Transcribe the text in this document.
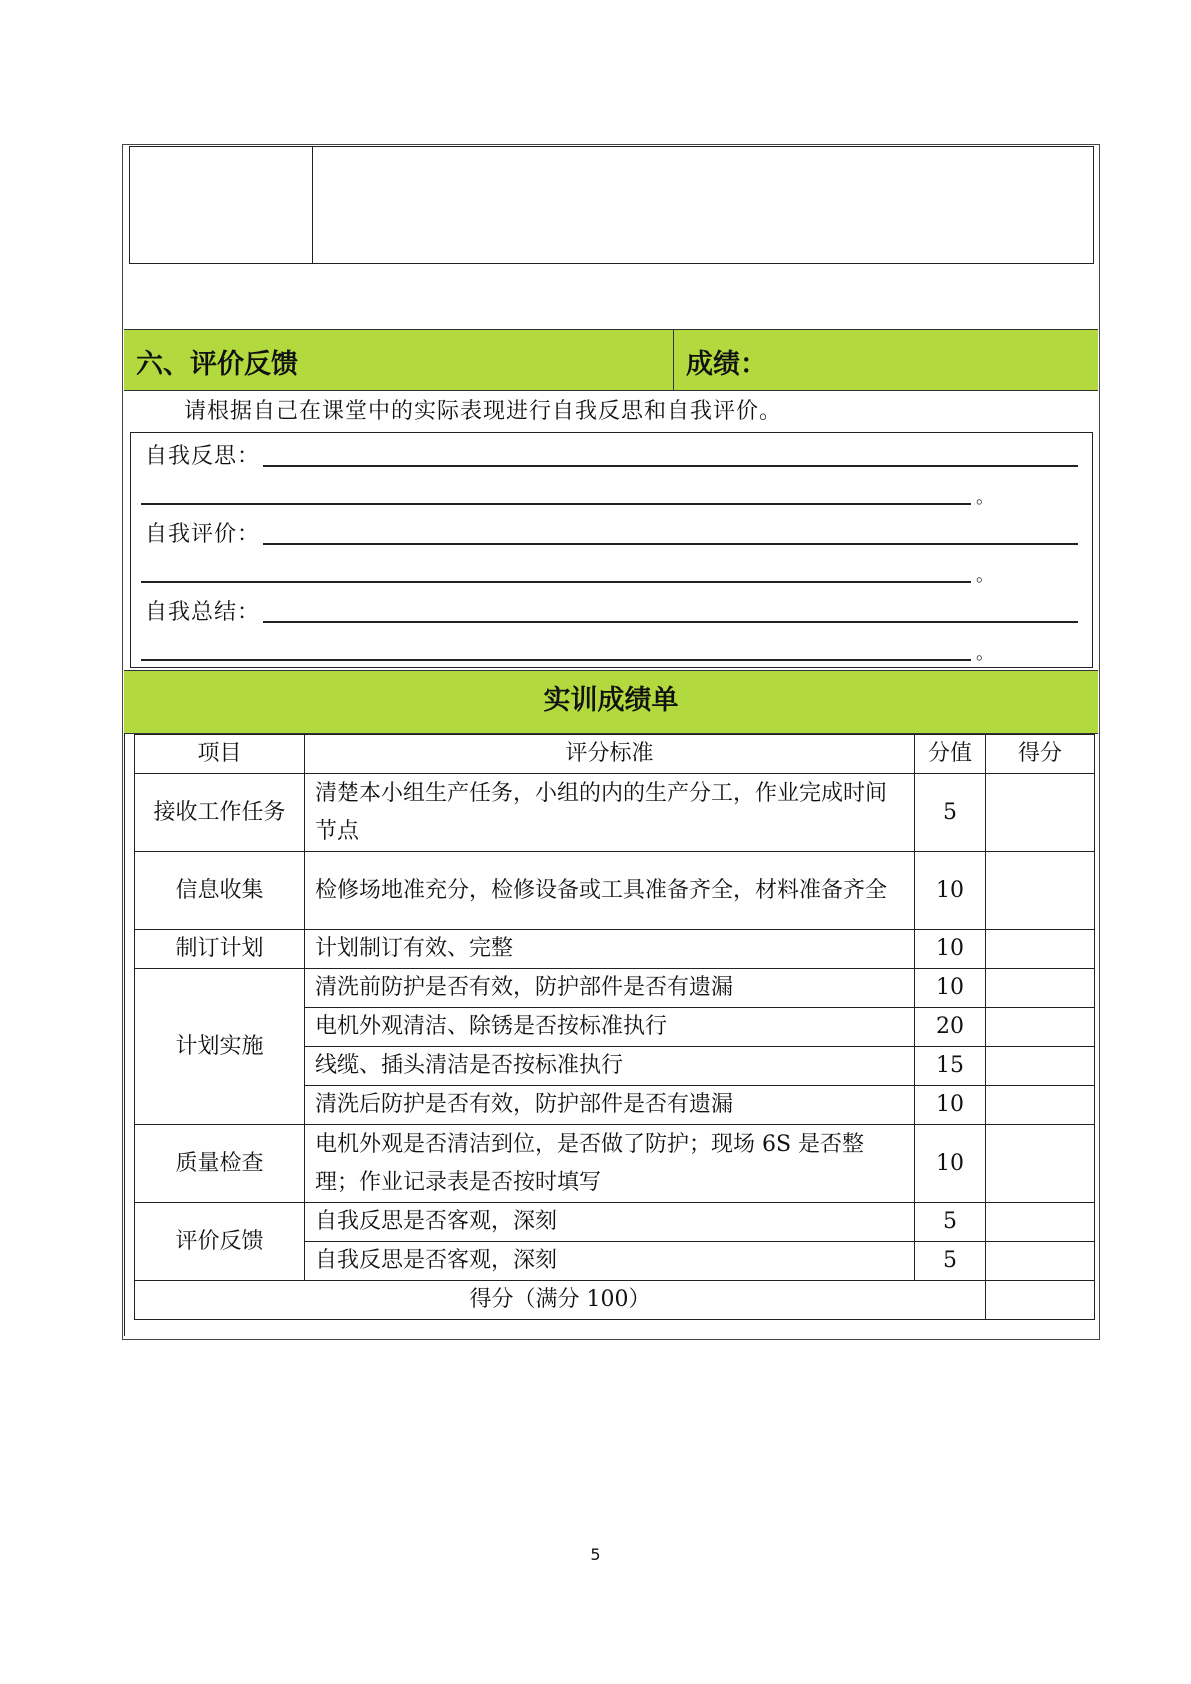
六、评价反馈	成绩：
请根据自己在课堂中的实际表现进行自我反思和自我评价。
自我反思：
。
自我评价：
。
自我总结：
。
实训成绩单
项目	评分标准	分值	得分
接收工作任务	清楚本小组生产任务，小组的内的生产分工，作业完成时间节点	5	
信息收集	检修场地准充分，检修设备或工具准备齐全，材料准备齐全	10	
制订计划	计划制订有效、完整	10	
计划实施	清洗前防护是否有效，防护部件是否有遗漏	10	
	电机外观清洁、除锈是否按标准执行	20	
	线缆、插头清洁是否按标准执行	15	
	清洗后防护是否有效，防护部件是否有遗漏	10	
质量检查	电机外观是否清洁到位，是否做了防护；现场 6S 是否整理；作业记录表是否按时填写	10	
评价反馈	自我反思是否客观，深刻	5	
	自我反思是否客观，深刻	5	
得分（满分 100）			
5
